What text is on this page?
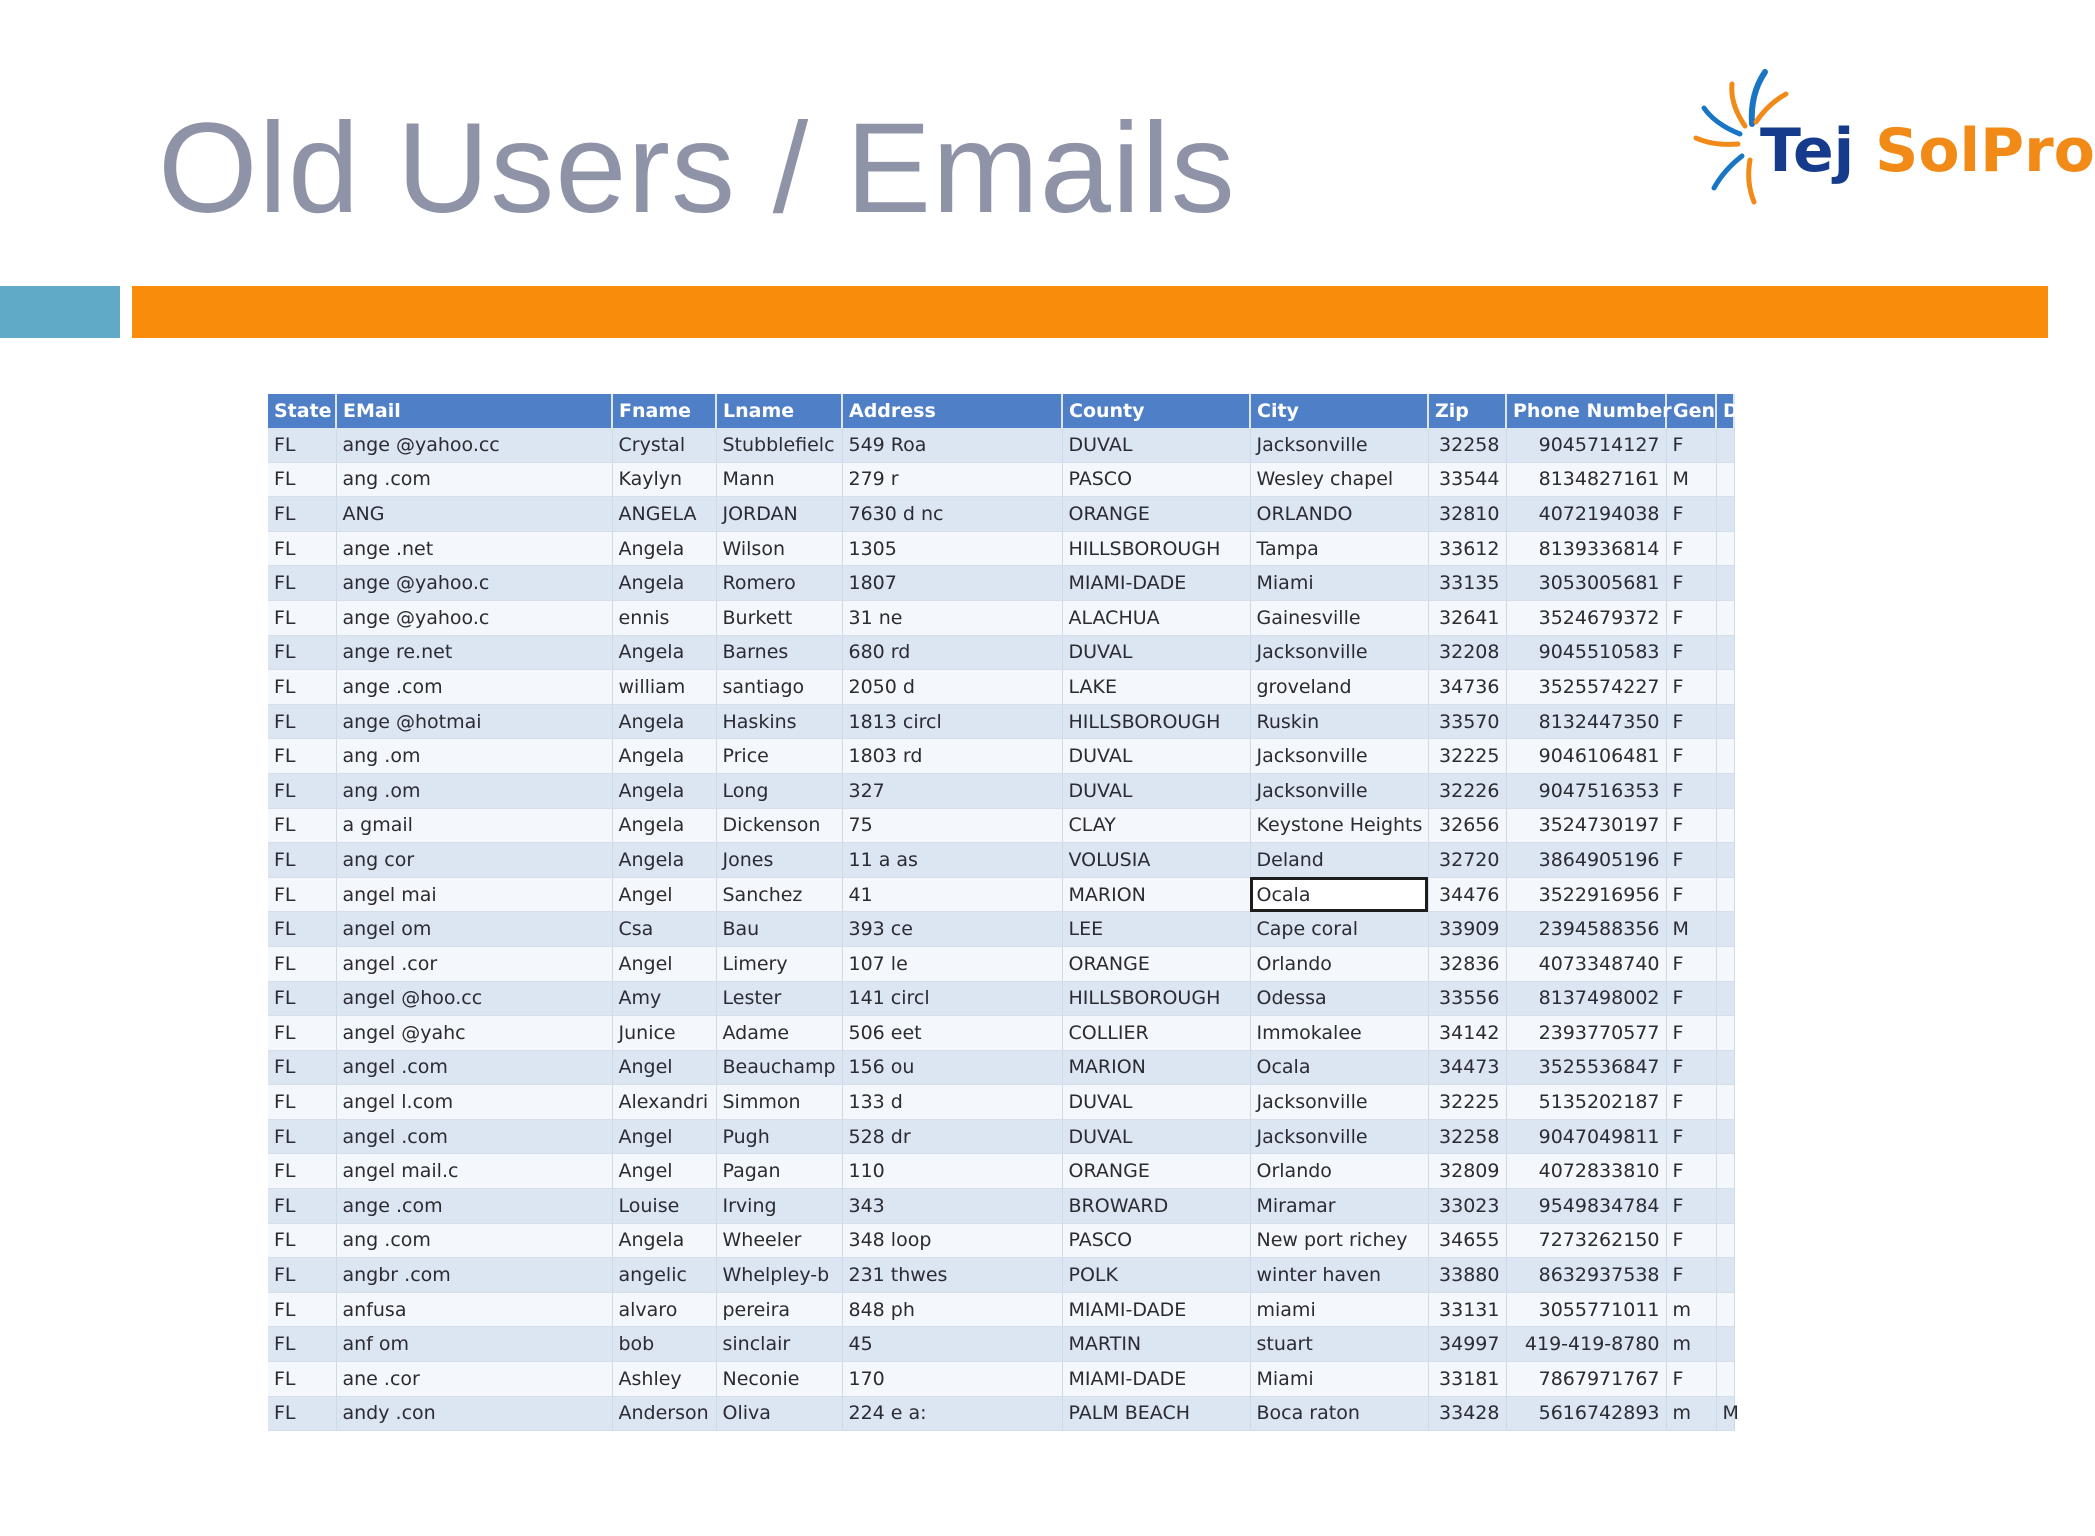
Old Users / Emails	Tej SolPro
State	EMail	Fname	Lname	Address	County	City	Zip	Phone Number	Gen	D
FL	ange @yahoo.cc	Crystal	Stubblefielc	549 Roa	DUVAL	Jacksonville	32258	9045714127	F	
FL	ang .com	Kaylyn	Mann	279 r	PASCO	Wesley chapel	33544	8134827161	M	
FL	ANG	ANGELA	JORDAN	7630 d nc	ORANGE	ORLANDO	32810	4072194038	F	
FL	ange .net	Angela	Wilson	1305	HILLSBOROUGH	Tampa	33612	8139336814	F	
FL	ange @yahoo.c	Angela	Romero	1807	MIAMI-DADE	Miami	33135	3053005681	F	
FL	ange @yahoo.c	ennis	Burkett	31 ne	ALACHUA	Gainesville	32641	3524679372	F	
FL	ange re.net	Angela	Barnes	680 rd	DUVAL	Jacksonville	32208	9045510583	F	
FL	ange .com	william	santiago	2050 d	LAKE	groveland	34736	3525574227	F	
FL	ange @hotmai	Angela	Haskins	1813 circl	HILLSBOROUGH	Ruskin	33570	8132447350	F	
FL	ang .om	Angela	Price	1803 rd	DUVAL	Jacksonville	32225	9046106481	F	
FL	ang .om	Angela	Long	327	DUVAL	Jacksonville	32226	9047516353	F	
FL	a gmail	Angela	Dickenson	75	CLAY	Keystone Heights	32656	3524730197	F	
FL	ang cor	Angela	Jones	11 a as	VOLUSIA	Deland	32720	3864905196	F	
FL	angel mai	Angel	Sanchez	41	MARION	Ocala	34476	3522916956	F	
FL	angel om	Csa	Bau	393 ce	LEE	Cape coral	33909	2394588356	M	
FL	angel .cor	Angel	Limery	107 le	ORANGE	Orlando	32836	4073348740	F	
FL	angel @hoo.cc	Amy	Lester	141 circl	HILLSBOROUGH	Odessa	33556	8137498002	F	
FL	angel @yahc	Junice	Adame	506 eet	COLLIER	Immokalee	34142	2393770577	F	
FL	angel .com	Angel	Beauchamp	156 ou	MARION	Ocala	34473	3525536847	F	
FL	angel l.com	Alexandri	Simmon	133 d	DUVAL	Jacksonville	32225	5135202187	F	
FL	angel .com	Angel	Pugh	528 dr	DUVAL	Jacksonville	32258	9047049811	F	
FL	angel mail.c	Angel	Pagan	110	ORANGE	Orlando	32809	4072833810	F	
FL	ange .com	Louise	Irving	343	BROWARD	Miramar	33023	9549834784	F	
FL	ang .com	Angela	Wheeler	348 loop	PASCO	New port richey	34655	7273262150	F	
FL	angbr .com	angelic	Whelpley-b	231 thwes	POLK	winter haven	33880	8632937538	F	
FL	anfusa	alvaro	pereira	848 ph	MIAMI-DADE	miami	33131	3055771011	m	
FL	anf om	bob	sinclair	45	MARTIN	stuart	34997	419-419-8780	m	
FL	ane .cor	Ashley	Neconie	170	MIAMI-DADE	Miami	33181	7867971767	F	
FL	andy .con	Anderson	Oliva	224 e a:	PALM BEACH	Boca raton	33428	5616742893	m	M
